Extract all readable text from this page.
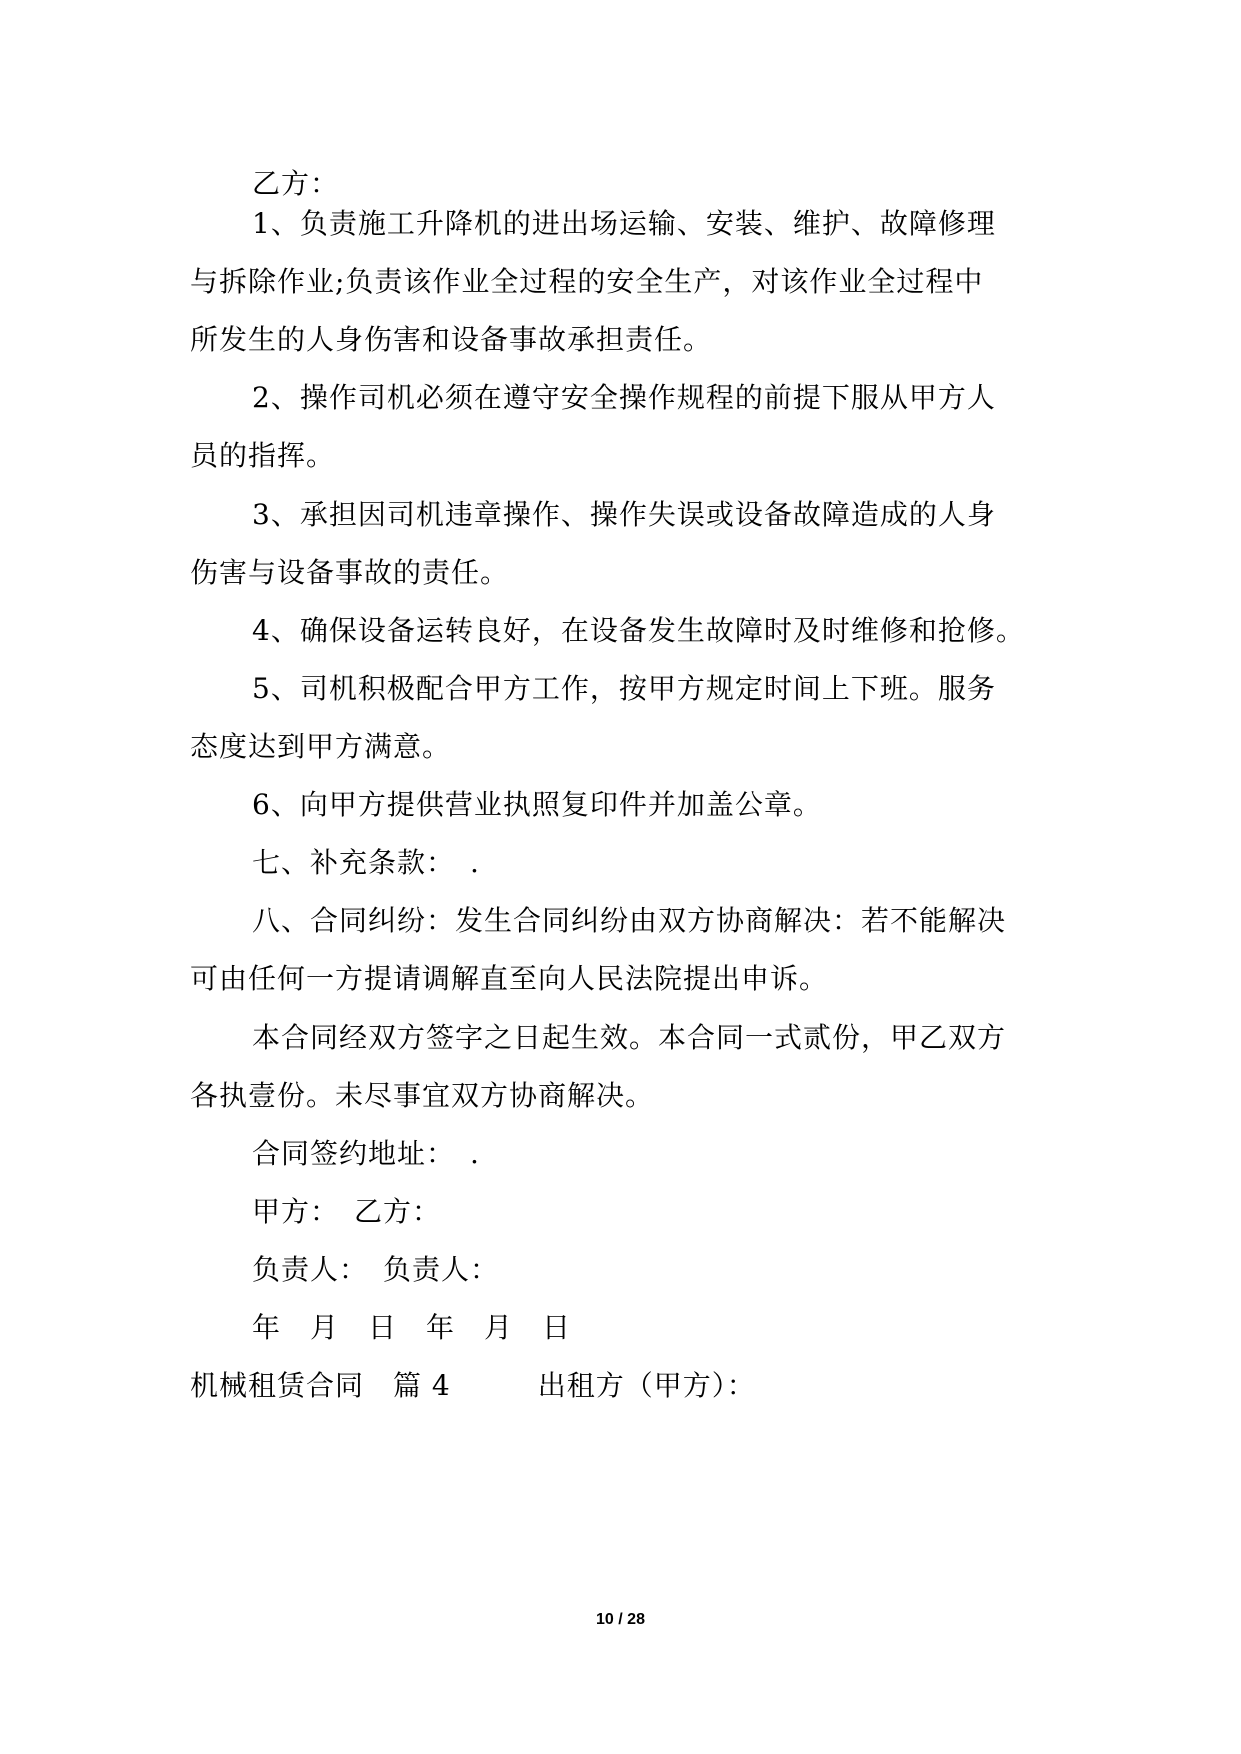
乙方：
1、负责施工升降机的进出场运输、安装、维护、故障修理
与拆除作业;负责该作业全过程的安全生产，对该作业全过程中
所发生的人身伤害和设备事故承担责任。
2、操作司机必须在遵守安全操作规程的前提下服从甲方人
员的指挥。
3、承担因司机违章操作、操作失误或设备故障造成的人身
伤害与设备事故的责任。
4、确保设备运转良好，在设备发生故障时及时维修和抢修。
5、司机积极配合甲方工作，按甲方规定时间上下班。服务
态度达到甲方满意。
6、向甲方提供营业执照复印件并加盖公章。
七、补充条款：　.
八、合同纠纷：发生合同纠纷由双方协商解决：若不能解决
可由任何一方提请调解直至向人民法院提出申诉。
本合同经双方签字之日起生效。本合同一式贰份，甲乙双方
各执壹份。未尽事宜双方协商解决。
合同签约地址：　.
甲方：　乙方：
负责人：　负责人：
年　月　日　年　月　日
机械租赁合同　篇 4　　　出租方（甲方）：
10 / 28
